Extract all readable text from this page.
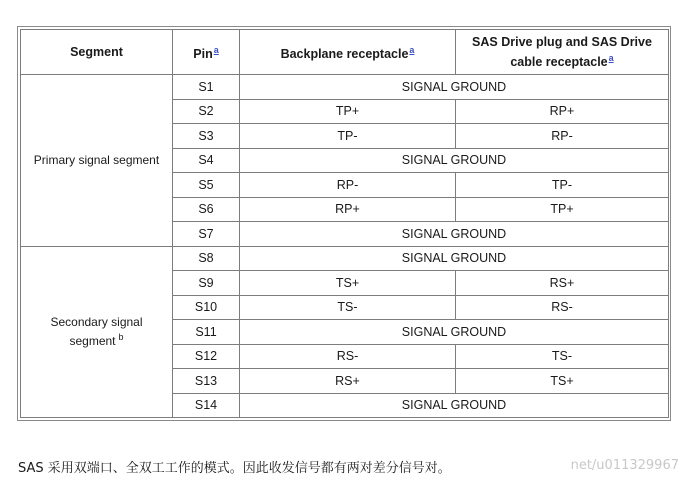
Segment	Pin$^a$	Backplane receptacle$^a$	SAS Drive plug and SAS Drive
cable receptacle$^a$
Primary signal segment	S1	SIGNAL GROUND	
	S2	TP+	RP+
	S3	TP-	RP-
	S4	SIGNAL GROUND	
	S5	RP-	TP-
	S6	RP+	TP+
	S7	SIGNAL GROUND	
Secondary signal
segment $^b$	S8	SIGNAL GROUND	
	S9	TS+	RS+
	S10	TS-	RS-
	S11	SIGNAL GROUND	
	S12	RS-	TS-
	S13	RS+	TS+
	S14	SIGNAL GROUND	
SAS 采用双端口、全双工工作的模式。因此收发信号都有两对差分信号对。	net/u011329967
